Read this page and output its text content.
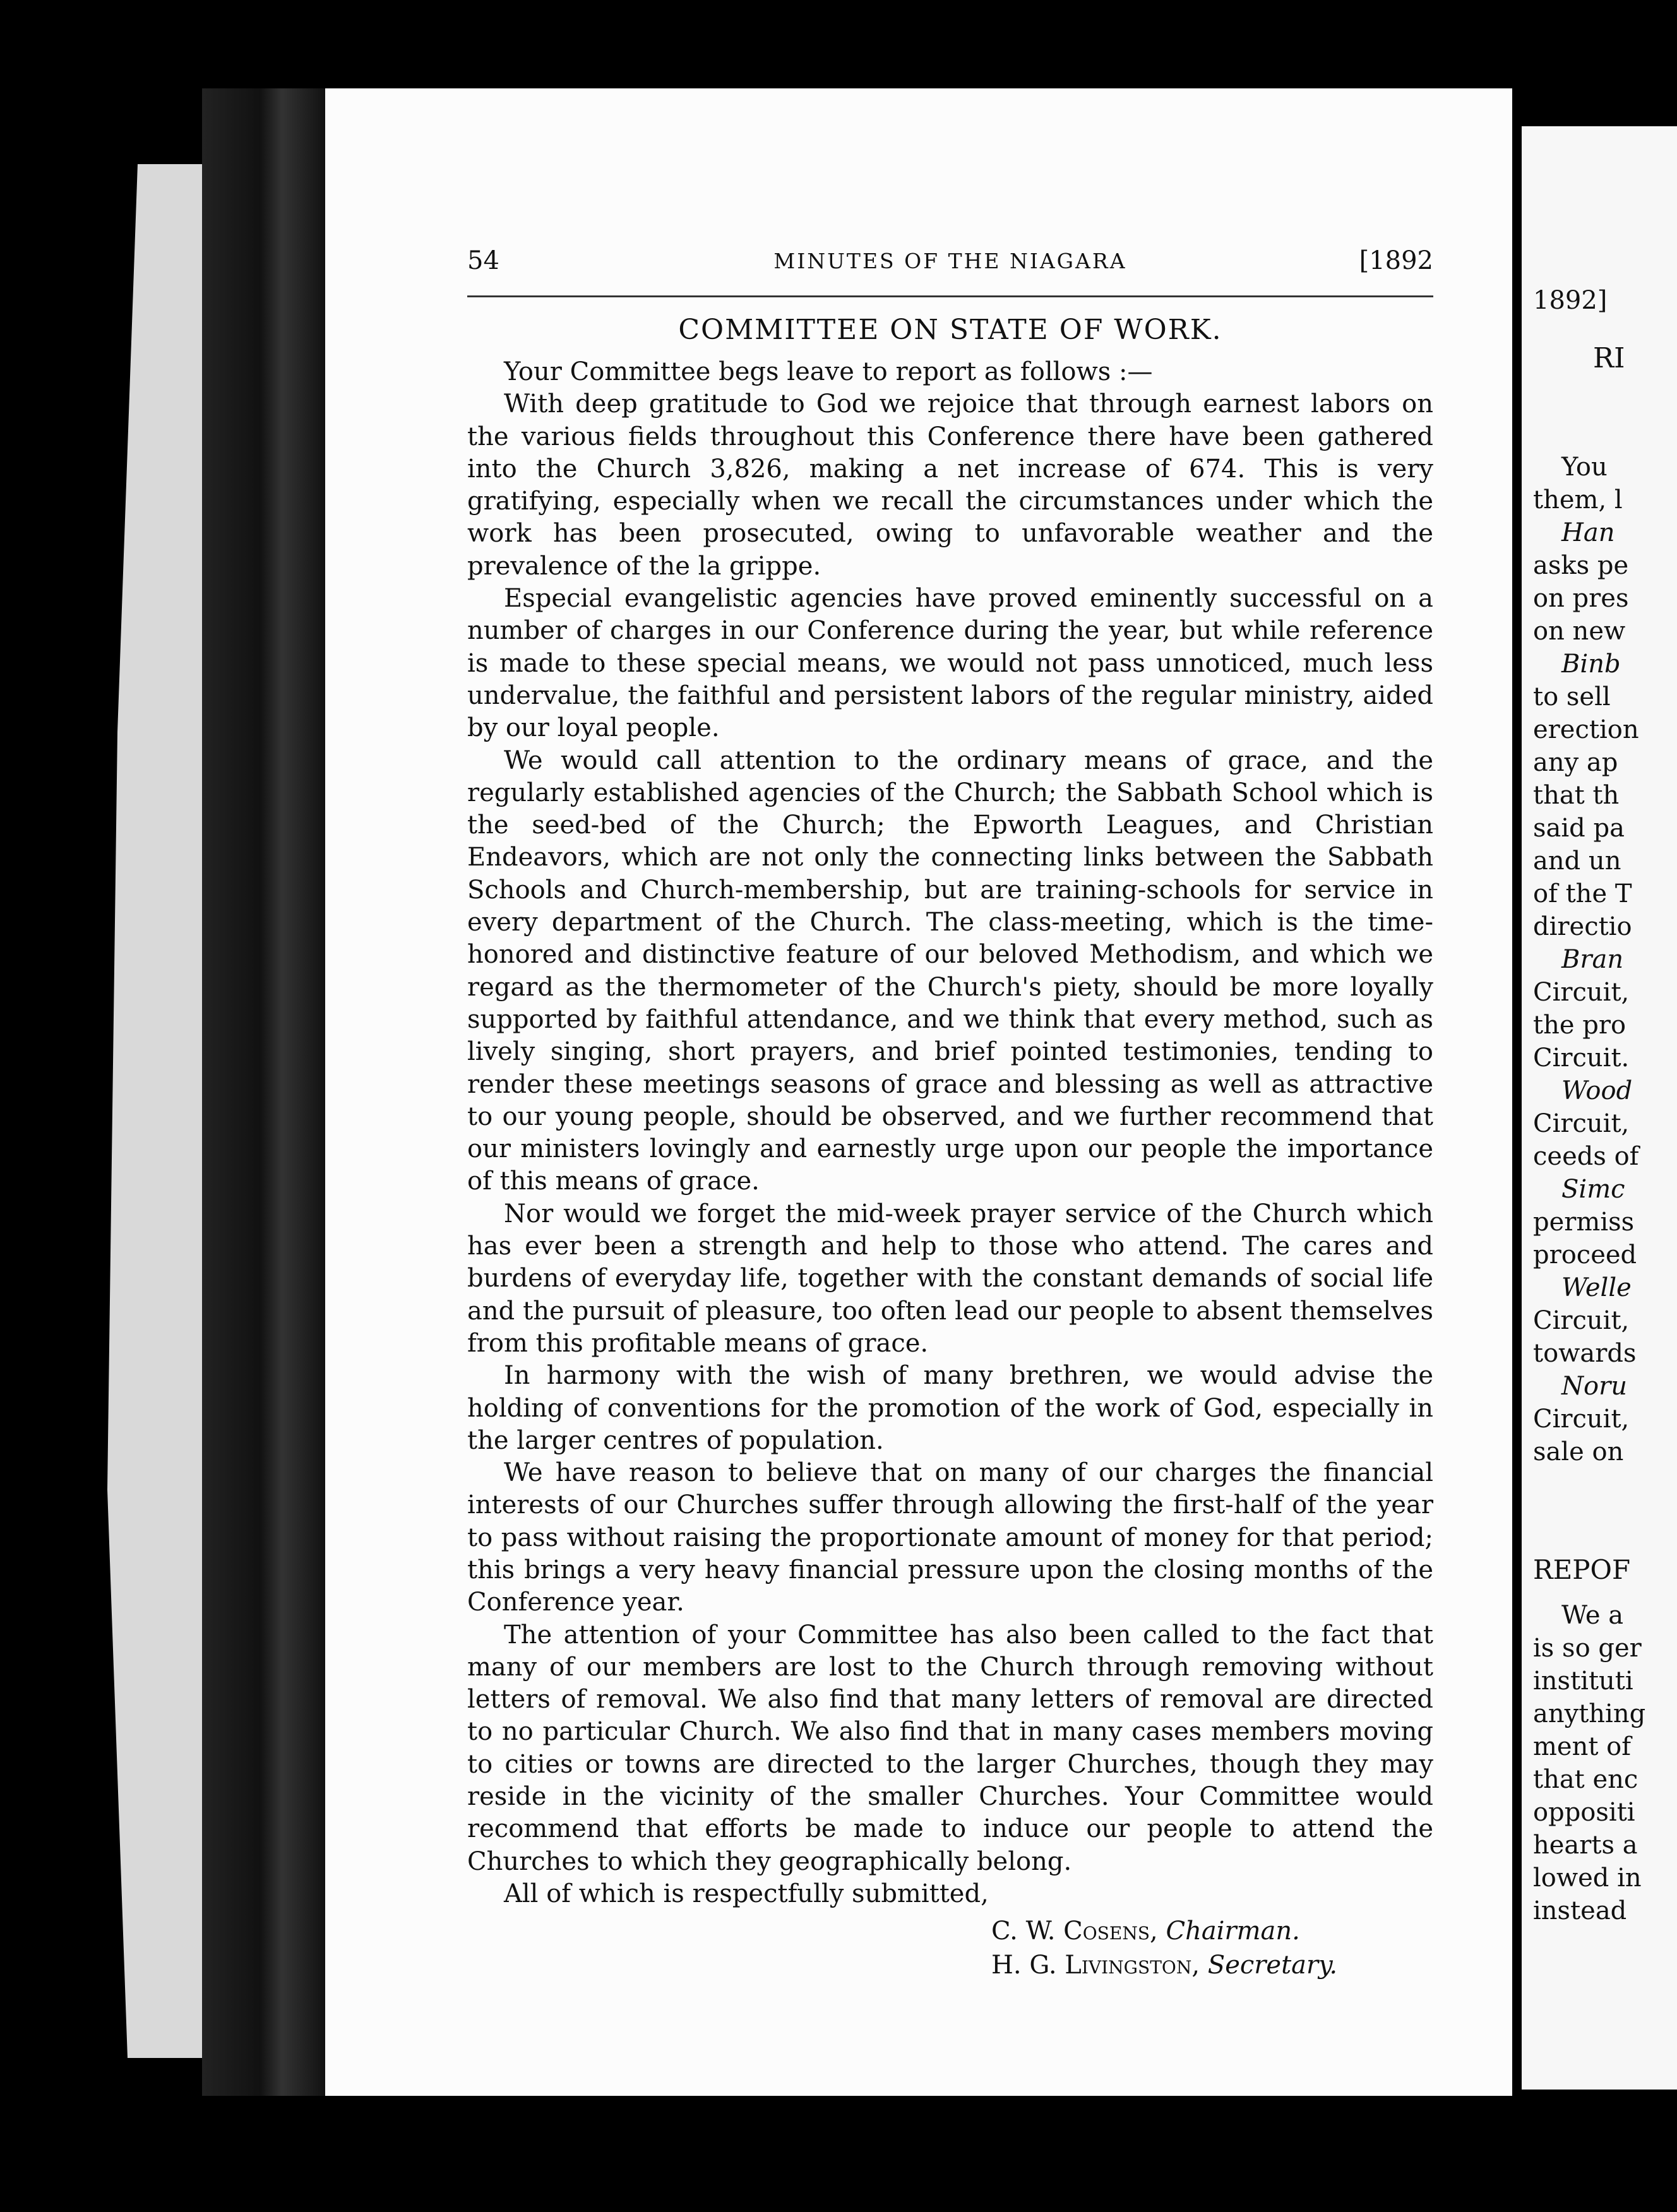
54	MINUTES OF THE NIAGARA	[1892
COMMITTEE ON STATE OF WORK.

Your Committee begs leave to report as follows :—

With deep gratitude to God we rejoice that through earnest labors on the various fields throughout this Conference there have been gathered into the Church 3,826, making a net increase of 674. This is very gratifying, especially when we recall the circumstances under which the work has been prosecuted, owing to unfavorable weather and the prevalence of the la grippe.

Especial evangelistic agencies have proved eminently successful on a number of charges in our Conference during the year, but while reference is made to these special means, we would not pass unnoticed, much less undervalue, the faithful and persistent labors of the regular ministry, aided by our loyal people.

We would call attention to the ordinary means of grace, and the regularly established agencies of the Church; the Sabbath School which is the seed-bed of the Church; the Epworth Leagues, and Christian Endeavors, which are not only the connecting links between the Sabbath Schools and Church-membership, but are training-schools for service in every department of the Church. The class-meeting, which is the time-honored and distinctive feature of our beloved Methodism, and which we regard as the thermometer of the Church's piety, should be more loyally supported by faithful attendance, and we think that every method, such as lively singing, short prayers, and brief pointed testimonies, tending to render these meetings seasons of grace and blessing as well as attractive to our young people, should be observed, and we further recommend that our ministers lovingly and earnestly urge upon our people the importance of this means of grace.

Nor would we forget the mid-week prayer service of the Church which has ever been a strength and help to those who attend. The cares and burdens of everyday life, together with the constant demands of social life and the pursuit of pleasure, too often lead our people to absent themselves from this profitable means of grace.

In harmony with the wish of many brethren, we would advise the holding of conventions for the promotion of the work of God, especially in the larger centres of population.

We have reason to believe that on many of our charges the financial interests of our Churches suffer through allowing the first-half of the year to pass without raising the proportionate amount of money for that period; this brings a very heavy financial pressure upon the closing months of the Conference year.

The attention of your Committee has also been called to the fact that many of our members are lost to the Church through removing without letters of removal. We also find that many letters of removal are directed to no particular Church. We also find that in many cases members moving to cities or towns are directed to the larger Churches, though they may reside in the vicinity of the smaller Churches. Your Committee would recommend that efforts be made to induce our people to attend the Churches to which they geographically belong.

All of which is respectfully submitted,

C. W. Cosens, Chairman.
H. G. Livingston, Secretary.
1892]
RI
You
them, l
Han
asks pe
on pres
on new
Binb
to sell
erection
any ap
that th
said pa
and un
of the T
directio
Bran
Circuit,
the pro
Circuit.
Wood
Circuit,
ceeds of
Simc
permiss
proceed
Welle
Circuit,
towards
Noru
Circuit,
sale on
REPOF
We a
is so ger
instituti
anything
ment of
that enc
oppositi
hearts a
lowed in
instead
